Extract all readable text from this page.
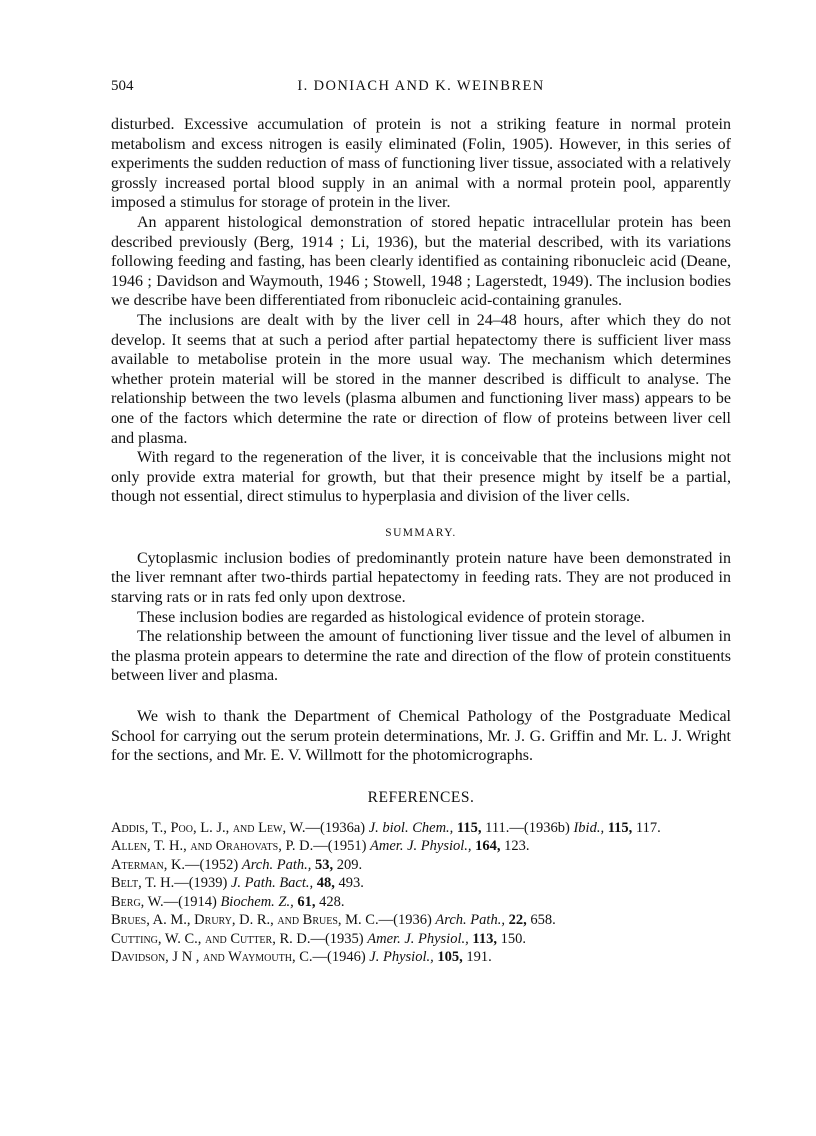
504	I. DONIACH AND K. WEINBREN

disturbed. Excessive accumulation of protein is not a striking feature in normal protein metabolism and excess nitrogen is easily eliminated (Folin, 1905). However, in this series of experiments the sudden reduction of mass of functioning liver tissue, associated with a relatively grossly increased portal blood supply in an animal with a normal protein pool, apparently imposed a stimulus for storage of protein in the liver.

An apparent histological demonstration of stored hepatic intracellular protein has been described previously (Berg, 1914 ; Li, 1936), but the material described, with its variations following feeding and fasting, has been clearly identified as containing ribonucleic acid (Deane, 1946 ; Davidson and Waymouth, 1946 ; Stowell, 1948 ; Lagerstedt, 1949). The inclusion bodies we describe have been differentiated from ribonucleic acid-containing granules.

The inclusions are dealt with by the liver cell in 24–48 hours, after which they do not develop. It seems that at such a period after partial hepatectomy there is sufficient liver mass available to metabolise protein in the more usual way. The mechanism which determines whether protein material will be stored in the manner described is difficult to analyse. The relationship between the two levels (plasma albumen and functioning liver mass) appears to be one of the factors which determine the rate or direction of flow of proteins between liver cell and plasma.

With regard to the regeneration of the liver, it is conceivable that the inclusions might not only provide extra material for growth, but that their presence might by itself be a partial, though not essential, direct stimulus to hyperplasia and division of the liver cells.

SUMMARY.

Cytoplasmic inclusion bodies of predominantly protein nature have been demonstrated in the liver remnant after two-thirds partial hepatectomy in feeding rats. They are not produced in starving rats or in rats fed only upon dextrose.

These inclusion bodies are regarded as histological evidence of protein storage.

The relationship between the amount of functioning liver tissue and the level of albumen in the plasma protein appears to determine the rate and direction of the flow of protein constituents between liver and plasma.

We wish to thank the Department of Chemical Pathology of the Postgraduate Medical School for carrying out the serum protein determinations, Mr. J. G. Griffin and Mr. L. J. Wright for the sections, and Mr. E. V. Willmott for the photomicrographs.

REFERENCES.
Addis, T., Poo, L. J., and Lew, W.—(1936a) J. biol. Chem., 115, 111.—(1936b) Ibid., 115, 117.
Allen, T. H., and Orahovats, P. D.—(1951) Amer. J. Physiol., 164, 123.
Aterman, K.—(1952) Arch. Path., 53, 209.
Belt, T. H.—(1939) J. Path. Bact., 48, 493.
Berg, W.—(1914) Biochem. Z., 61, 428.
Brues, A. M., Drury, D. R., and Brues, M. C.—(1936) Arch. Path., 22, 658.
Cutting, W. C., and Cutter, R. D.—(1935) Amer. J. Physiol., 113, 150.
Davidson, J N , and Waymouth, C.—(1946) J. Physiol., 105, 191.
